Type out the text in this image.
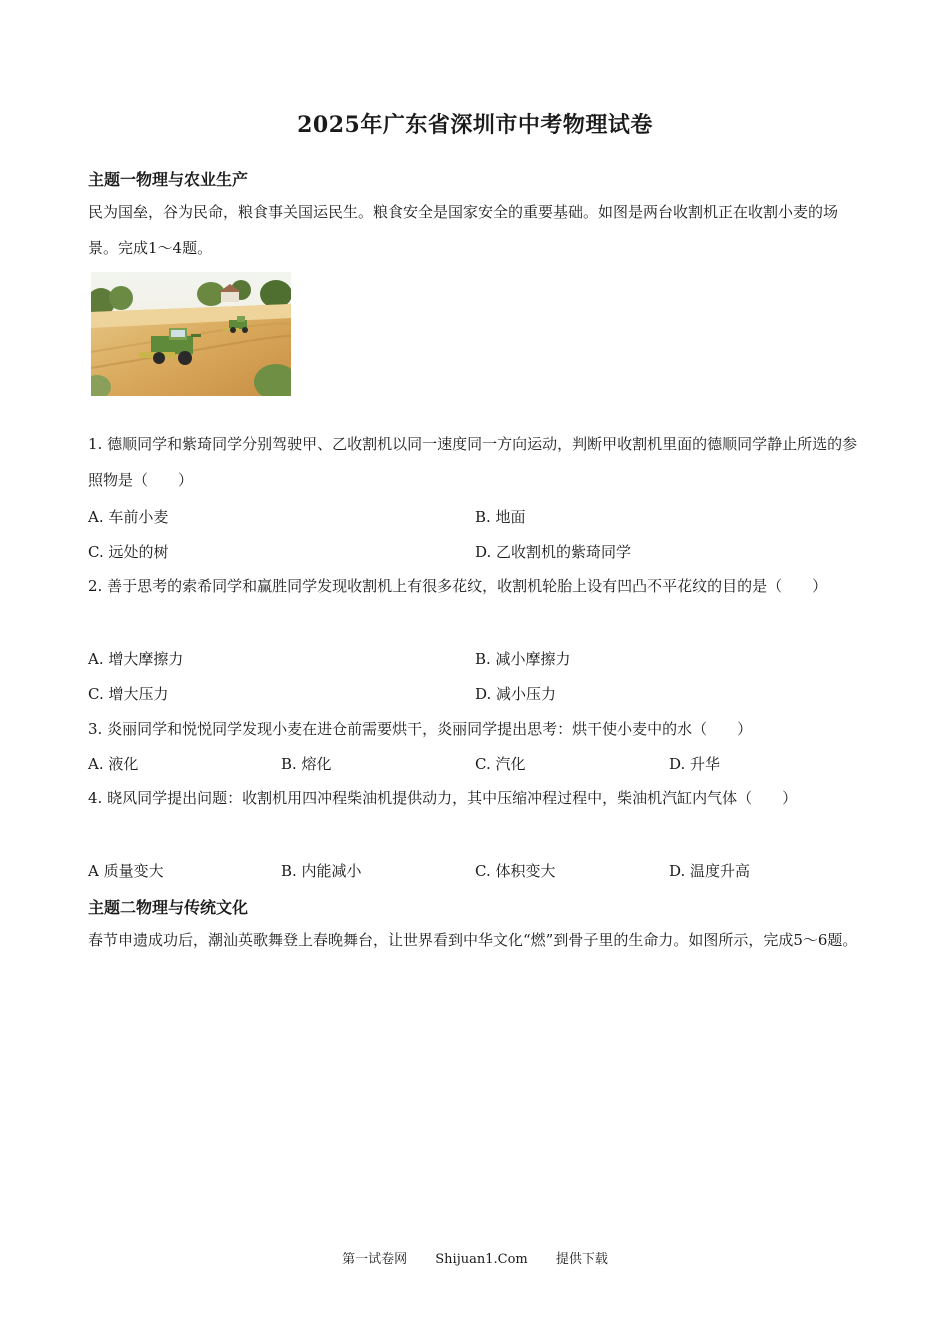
2025年广东省深圳市中考物理试卷
主题一物理与农业生产
民为国垒，谷为民命，粮食事关国运民生。粮食安全是国家安全的重要基础。如图是两台收割机正在收割小麦的场景。完成1～4题。
1. 德顺同学和紫琦同学分别驾驶甲、乙收割机以同一速度同一方向运动，判断甲收割机里面的德顺同学静止所选的参照物是（　　）
A. 车前小麦	B. 地面
C. 远处的树	D. 乙收割机的紫琦同学
2. 善于思考的索希同学和赢胜同学发现收割机上有很多花纹，收割机轮胎上设有凹凸不平花纹的目的是（　　）
A. 增大摩擦力	B. 减小摩擦力
C. 增大压力	D. 减小压力
3. 炎丽同学和悦悦同学发现小麦在进仓前需要烘干，炎丽同学提出思考：烘干使小麦中的水（　　）
A. 液化	B. 熔化	C. 汽化	D. 升华
4. 晓风同学提出问题：收割机用四冲程柴油机提供动力，其中压缩冲程过程中，柴油机汽缸内气体（　　）
A 质量变大	B. 内能减小	C. 体积变大	D. 温度升高
主题二物理与传统文化
春节申遗成功后，潮汕英歌舞登上春晚舞台，让世界看到中华文化“燃”到骨子里的生命力。如图所示，完成5～6题。
第一试卷网 Shijuan1.Com 提供下载
